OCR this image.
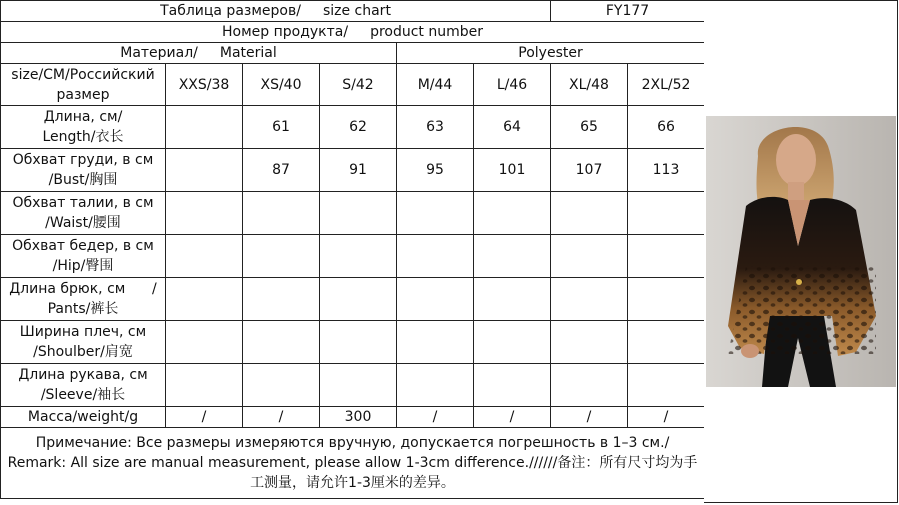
Таблица размеров/ size chart						FY177	
Номер продукта/ product number							
Материал/ Material				Polyester			

size/CM/Российский
размер	XXS/38	XS/40	S/42	M/44	L/46	XL/48	2XL/52

Длина, см/
Length/衣长		61	62	63	64	65	66

Обхват груди, в см
/Bust/胸围		87	91	95	101	107	113

Обхват талии, в см
/Waist/腰围							

Обхват бедер, в см
/Hip/臀围							

Длина брюк, см      /
Pants/裤长							

Ширина плеч, см
/Shoulber/肩宽							

Длина рукава, см
/Sleeve/袖长							

Масса/weight/g	/	/	300	/	/	/	/

Примечание: Все размеры измеряются вручную, допускается погрешность в 1–3 см./
Remark: All size are manual measurement, please allow 1-3cm difference.//////备注：所有尺寸均为手
工测量，请允许1-3厘米的差异。							
